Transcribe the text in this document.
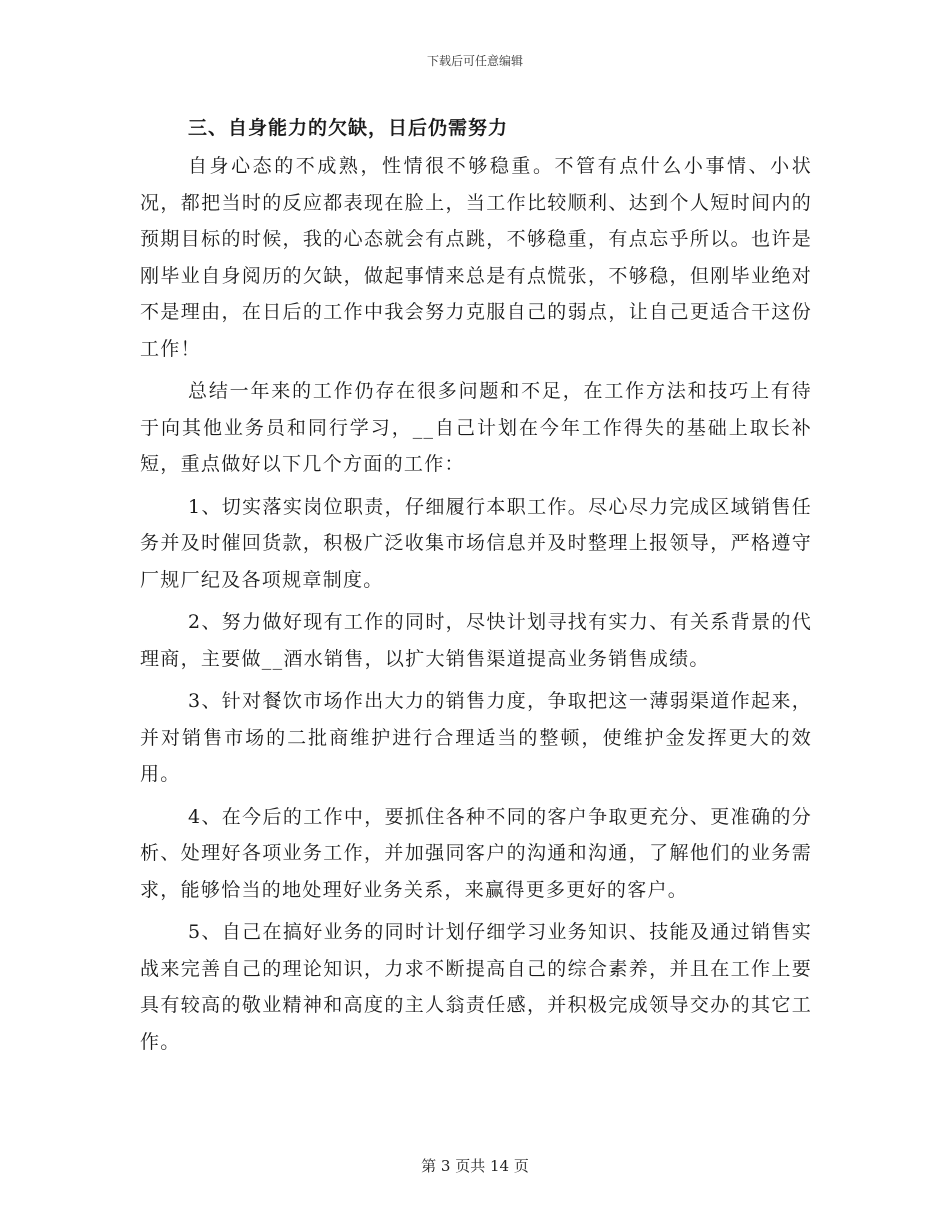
下载后可任意编辑
三、自身能力的欠缺，日后仍需努力

自身心态的不成熟，性情很不够稳重。不管有点什么小事情、小状况，都把当时的反应都表现在脸上，当工作比较顺利、达到个人短时间内的预期目标的时候，我的心态就会有点跳，不够稳重，有点忘乎所以。也许是刚毕业自身阅历的欠缺，做起事情来总是有点慌张，不够稳，但刚毕业绝对不是理由，在日后的工作中我会努力克服自己的弱点，让自己更适合干这份工作！

总结一年来的工作仍存在很多问题和不足，在工作方法和技巧上有待于向其他业务员和同行学习，__自己计划在今年工作得失的基础上取长补短，重点做好以下几个方面的工作：

1、切实落实岗位职责，仔细履行本职工作。尽心尽力完成区域销售任务并及时催回货款，积极广泛收集市场信息并及时整理上报领导，严格遵守厂规厂纪及各项规章制度。

2、努力做好现有工作的同时，尽快计划寻找有实力、有关系背景的代理商，主要做__酒水销售，以扩大销售渠道提高业务销售成绩。

3、针对餐饮市场作出大力的销售力度，争取把这一薄弱渠道作起来，并对销售市场的二批商维护进行合理适当的整顿，使维护金发挥更大的效用。

4、在今后的工作中，要抓住各种不同的客户争取更充分、更准确的分析、处理好各项业务工作，并加强同客户的沟通和沟通，了解他们的业务需求，能够恰当的地处理好业务关系，来赢得更多更好的客户。

5、自己在搞好业务的同时计划仔细学习业务知识、技能及通过销售实战来完善自己的理论知识，力求不断提高自己的综合素养，并且在工作上要具有较高的敬业精神和高度的主人翁责任感，并积极完成领导交办的其它工作。

第 3 页共 14 页
